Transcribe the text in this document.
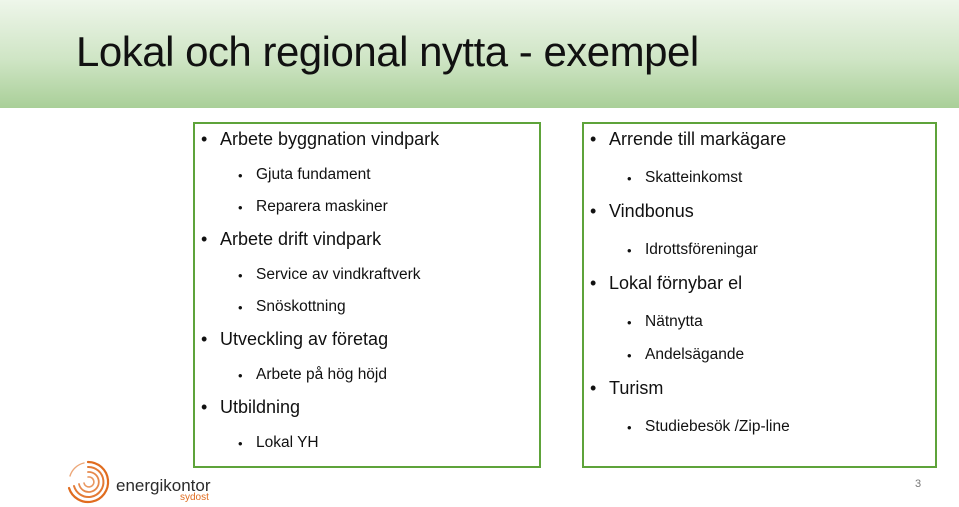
Lokal och regional nytta - exempel
• Arbete byggnation vindpark
• Gjuta fundament
• Reparera maskiner
• Arbete drift vindpark
• Service av vindkraftverk
• Snöskottning
• Utveckling av företag
• Arbete på hög höjd
• Utbildning
• Lokal YH
• Arrende till markägare
• Skatteinkomst
• Vindbonus
• Idrottsföreningar
• Lokal förnybar el
• Nätnytta
• Andelsägande
• Turism
• Studiebesök /Zip-line
energikontor
sydost
3
